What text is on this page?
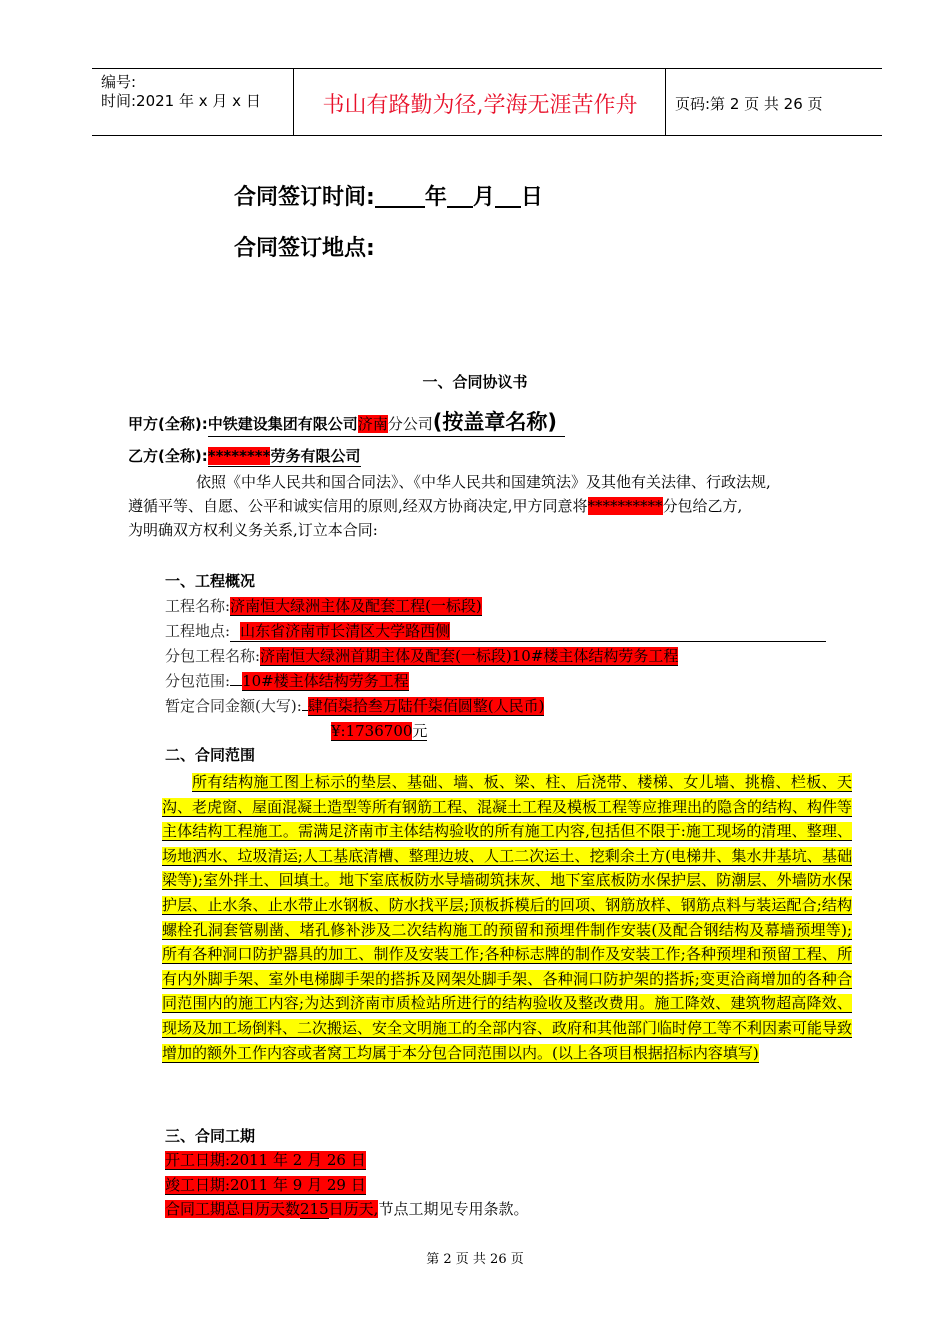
编号:
时间:2021 年 x 月 x 日	书山有路勤为径,学海无涯苦作舟	页码:第 2 页 共 26 页
合同签订时间: 年 月 日
合同签订地点:
一、合同协议书
甲方(全称):中铁建设集团有限公司济南分公司(按盖章名称)
乙方(全称):********劳务有限公司
依照《中华人民共和国合同法》、《中华人民共和国建筑法》及其他有关法律、行政法规,
遵循平等、自愿、公平和诚实信用的原则,经双方协商决定,甲方同意将**********分包给乙方,
为明确双方权利义务关系,订立本合同:
一、工程概况
工程名称:济南恒大绿洲主体及配套工程(一标段)
工程地点: 山东省济南市长清区大学路西侧
分包工程名称:济南恒大绿洲首期主体及配套(一标段)10#楼主体结构劳务工程
分包范围: 10#楼主体结构劳务工程
暂定合同金额(大写): 肆佰柒拾叁万陆仟柒佰圆整(人民币)
¥:1736700元
二、合同范围

所有结构施工图上标示的垫层、基础、墙、板、梁、柱、后浇带、楼梯、女儿墙、挑檐、栏板、天沟、老虎窗、屋面混凝土造型等所有钢筋工程、混凝土工程及模板工程等应推理出的隐含的结构、构件等主体结构工程施工。需满足济南市主体结构验收的所有施工内容,包括但不限于:施工现场的清理、整理、场地洒水、垃圾清运;人工基底清槽、整理边坡、人工二次运土、挖剩余土方(电梯井、集水井基坑、基础梁等);室外拌土、回填土。地下室底板防水导墙砌筑抹灰、地下室底板防水保护层、防潮层、外墙防水保护层、止水条、止水带止水钢板、防水找平层;顶板拆模后的回项、钢筋放样、钢筋点料与装运配合;结构螺栓孔洞套管剔凿、堵孔修补涉及二次结构施工的预留和预埋件制作安装(及配合钢结构及幕墙预埋等);所有各种洞口防护器具的加工、制作及安装工作;各种标志牌的制作及安装工作;各种预埋和预留工程、所有内外脚手架、室外电梯脚手架的搭拆及网架处脚手架、各种洞口防护架的搭拆;变更洽商增加的各种合同范围内的施工内容;为达到济南市质检站所进行的结构验收及整改费用。施工降效、建筑物超高降效、现场及加工场倒料、二次搬运、安全文明施工的全部内容、政府和其他部门临时停工等不利因素可能导致增加的额外工作内容或者窝工均属于本分包合同范围以内。(以上各项目根据招标内容填写)

三、合同工期
开工日期:2011 年 2 月 26 日
竣工日期:2011 年 9 月 29 日
合同工期总日历天数215日历天,节点工期见专用条款。
第 2 页 共 26 页
